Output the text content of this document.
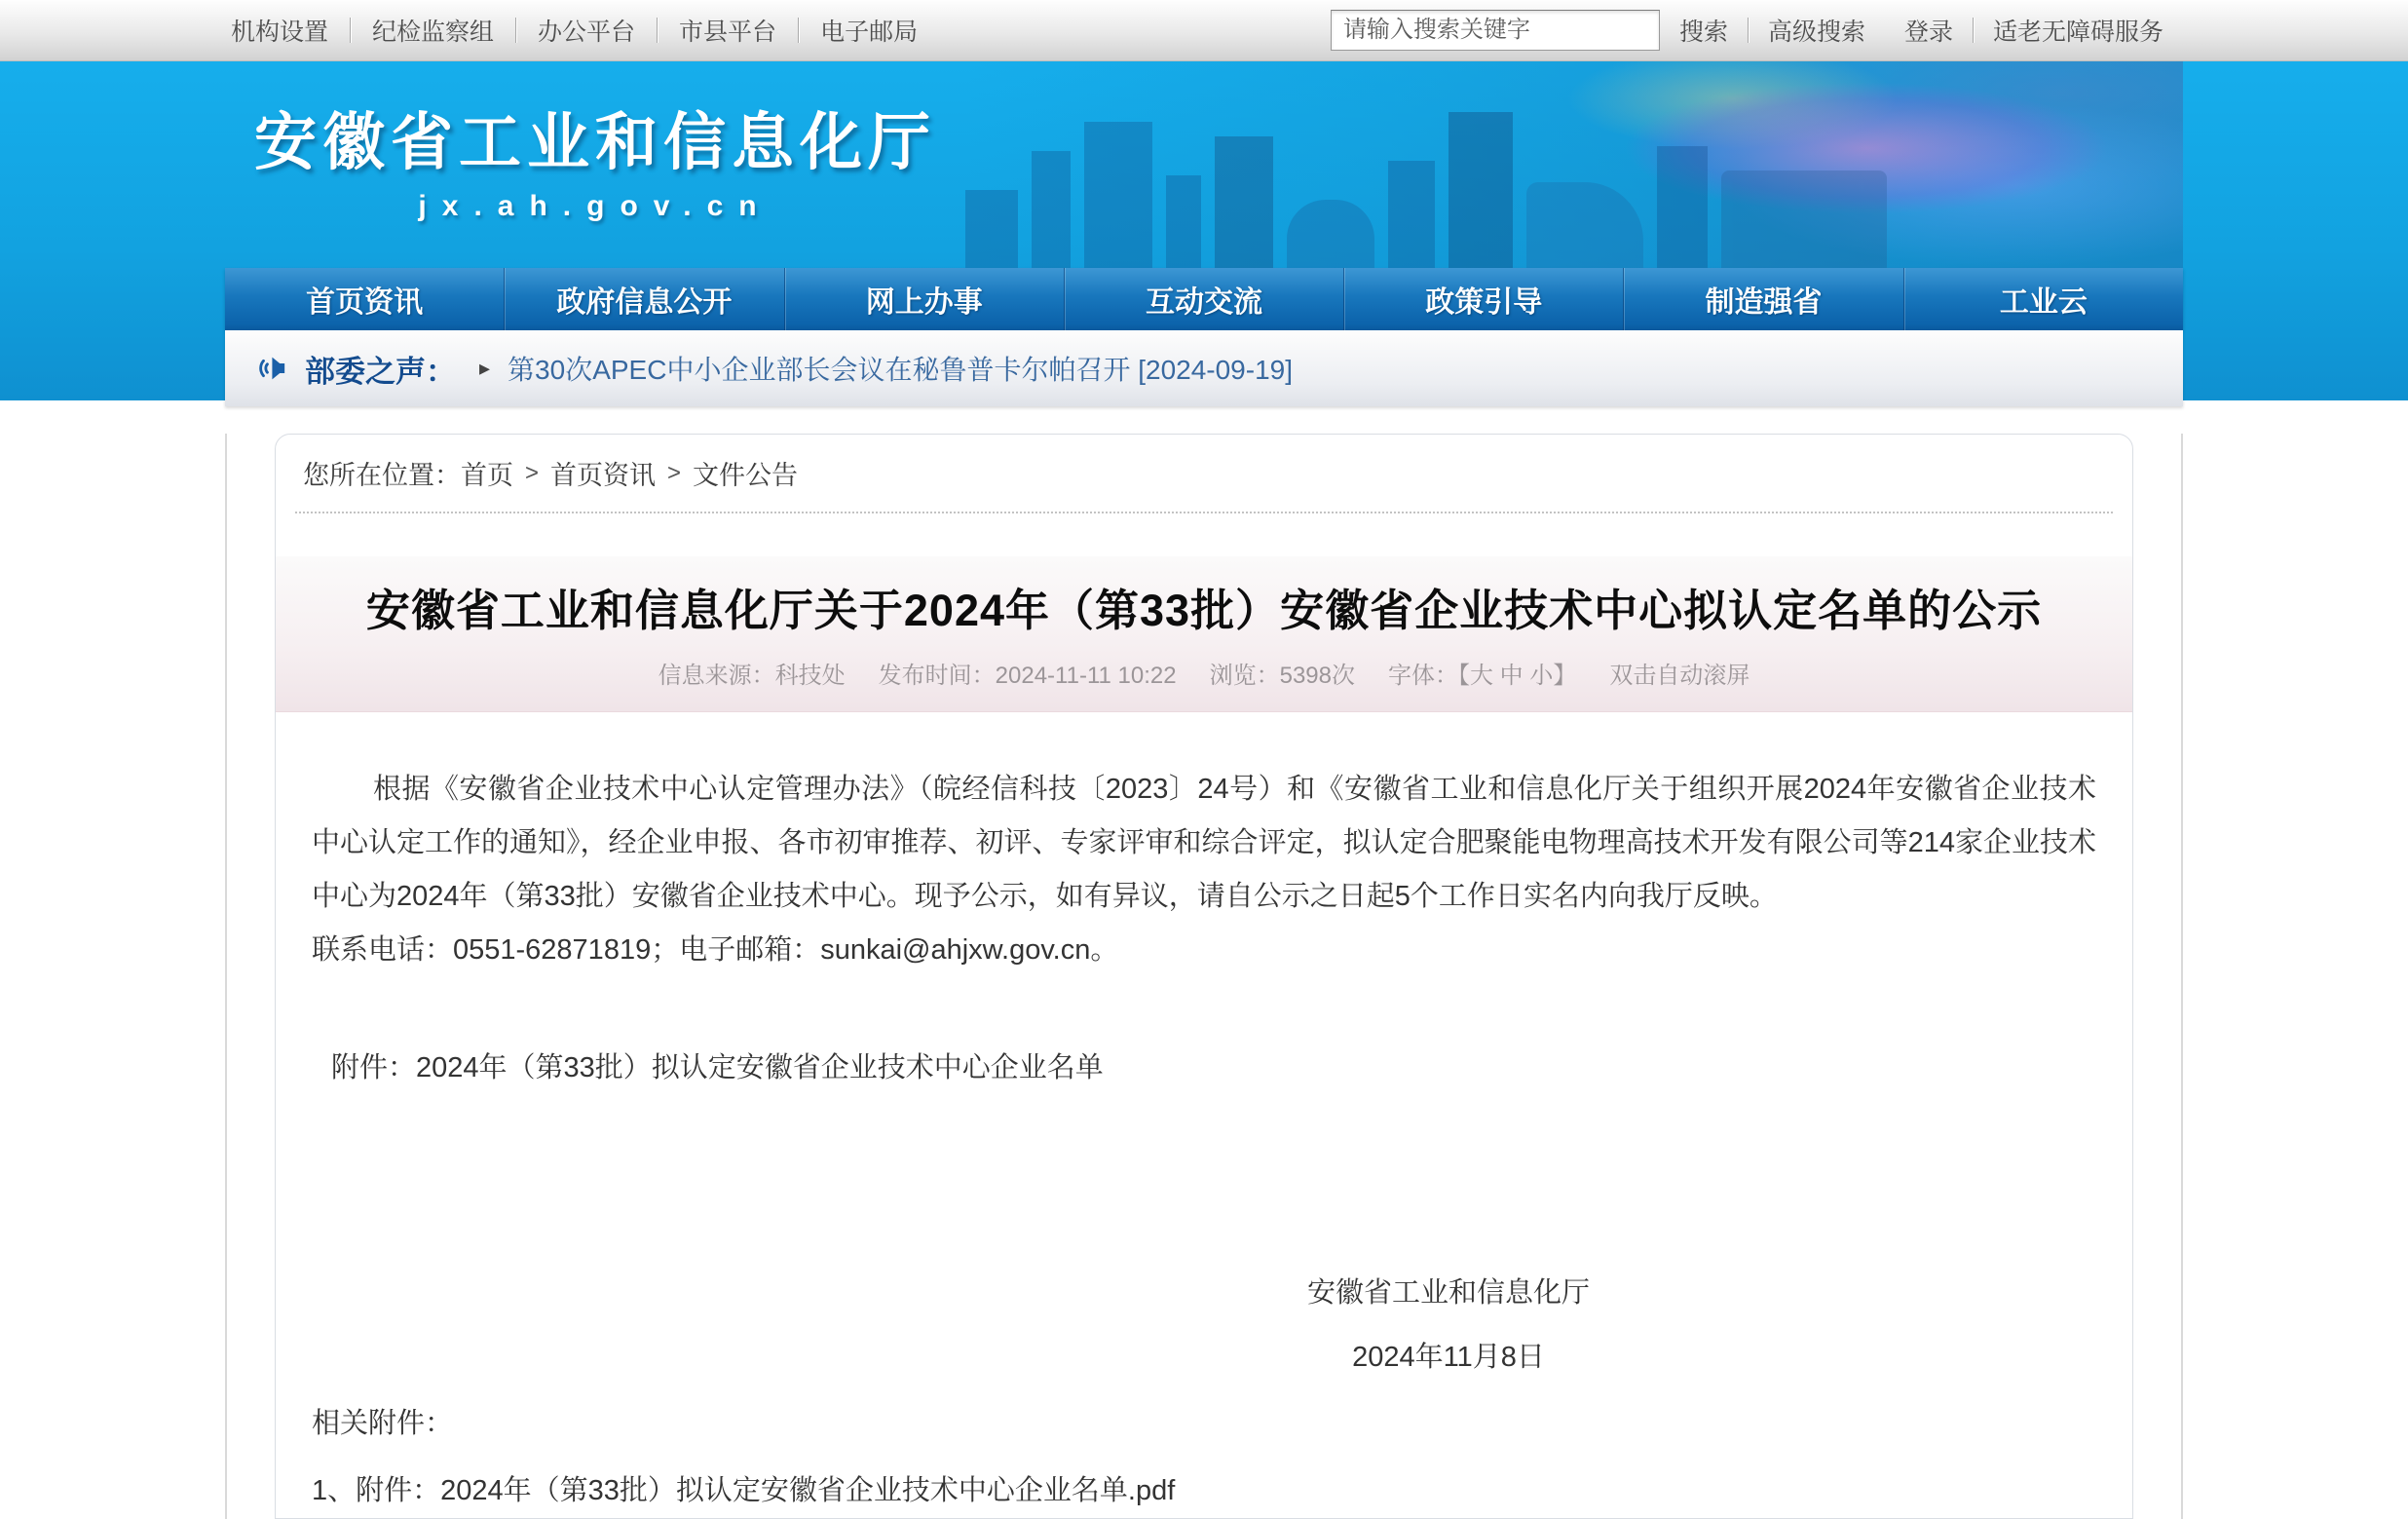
机构设置	纪检监察组	办公平台	市县平台	电子邮局
请输入搜索关键字	搜索	高级搜索	登录	适老无障碍服务
安徽省工业和信息化厅
jx.ah.gov.cn
首页资讯	政府信息公开	网上办事	互动交流	政策引导	制造强省	工业云
部委之声： ▸ 第30次APEC中小企业部长会议在秘鲁普卡尔帕召开 [2024-09-19]
您所在位置： 首页 > 首页资讯 > 文件公告
安徽省工业和信息化厅关于2024年（第33批）安徽省企业技术中心拟认定名单的公示
信息来源：科技处 发布时间：2024-11-11 10:22 浏览：5398次 字体：【大 中 小】 双击自动滚屏

根据《安徽省企业技术中心认定管理办法》（皖经信科技〔2023〕24号）和《安徽省工业和信息化厅关于组织开展2024年安徽省企业技术中心认定工作的通知》，经企业申报、各市初审推荐、初评、专家评审和综合评定，拟认定合肥聚能电物理高技术开发有限公司等214家企业技术中心为2024年（第33批）安徽省企业技术中心。现予公示，如有异议，请自公示之日起5个工作日实名内向我厅反映。

联系电话：0551-62871819；电子邮箱：sunkai@ahjxw.gov.cn。

附件：2024年（第33批）拟认定安徽省企业技术中心企业名单

安徽省工业和信息化厅
2024年11月8日

相关附件：

1、附件：2024年（第33批）拟认定安徽省企业技术中心企业名单.pdf
